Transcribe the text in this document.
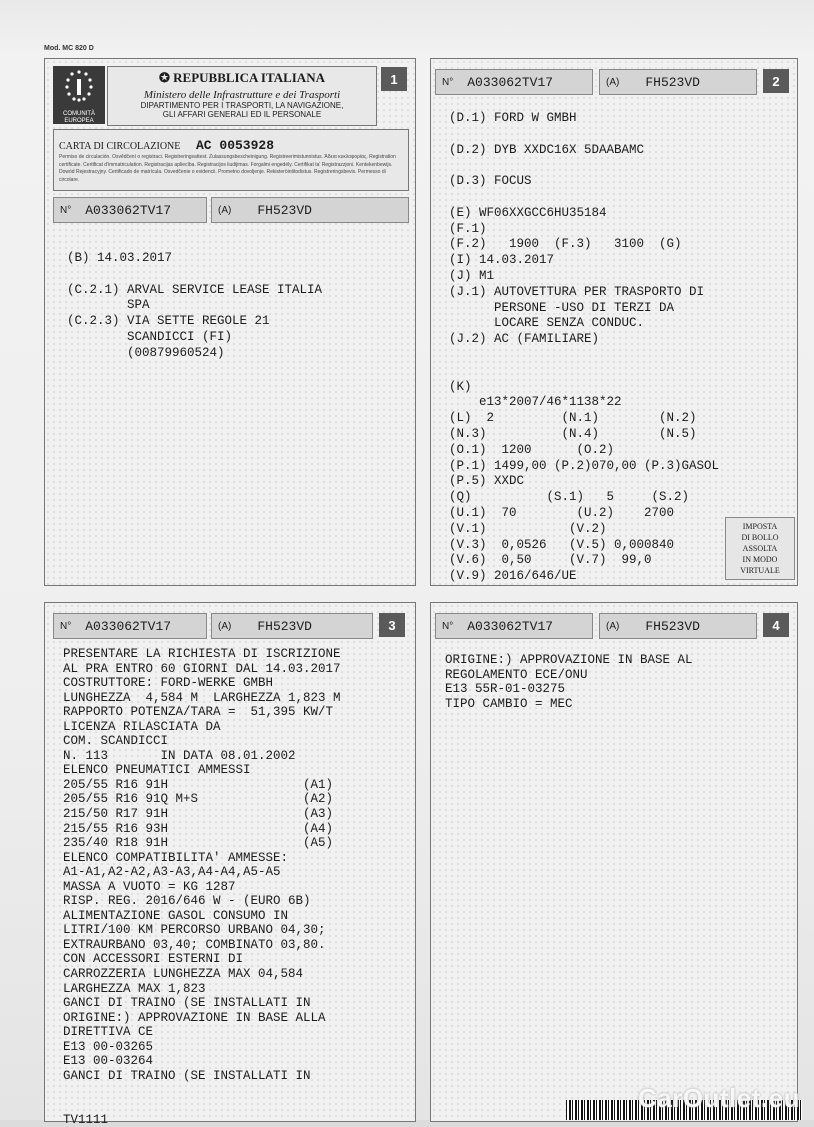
Mod. MC 820 D
1
COMUNITÀ EUROPEA
✪ REPUBBLICA ITALIANA
Ministero delle Infrastrutture e dei Trasporti
DIPARTIMENTO PER I TRASPORTI, LA NAVIGAZIONE,
GLI AFFARI GENERALI ED IL PERSONALE
CARTA DI CIRCOLAZIONE AC 0053928
Permiso de circulación. Osvědčení o registraci. Registreringsattest. Zulassungsbescheinigung. Registreerimistunnistus. Άδεια κυκλοφορίας. Registration certificate. Certificat d'immatriculation. Registracijas apliecība. Registracijos liudijimas. Forgalmi engedély. Certifikat ta' Registrazzjoni. Kentekenbewijs. Dowód Rejestracyjny. Certificado de matrícula. Osvedčenie o evidencii. Prometno dovoljenje. Rekisteröintitodistus. Registreringsbevis. Permesso di circolare.
N° A033062TV17	(A) FH523VD
(B) 14.03.2017

(C.2.1) ARVAL SERVICE LEASE ITALIA
SPA
(C.2.3) VIA SETTE REGOLE 21
SCANDICCI (FI)
(00879960524)
N° A033062TV17	(A) FH523VD	2
(D.1) FORD W GMBH

(D.2) DYB XXDC16X 5DAABAMC

(D.3) FOCUS

(E) WF06XXGCC6HU35184
(F.1)
(F.2)   1900  (F.3)   3100  (G)
(I) 14.03.2017
(J) M1
(J.1) AUTOVETTURA PER TRASPORTO DI
PERSONE -USO DI TERZI DA
LOCARE SENZA CONDUC.
(J.2) AC (FAMILIARE)

(K)
e13*2007/46*1138*22
(L)  2         (N.1)        (N.2)
(N.3)          (N.4)        (N.5)
(O.1)  1200      (O.2)
(P.1) 1499,00 (P.2)070,00 (P.3)GASOL
(P.5) XXDC
(Q)          (S.1)   5     (S.2)
(U.1)  70        (U.2)    2700
(V.1)           (V.2)
(V.3)  0,0526   (V.5) 0,000840
(V.6)  0,50     (V.7)  99,0
(V.9) 2016/646/UE
IMPOSTA
DI BOLLO
ASSOLTA
IN MODO
VIRTUALE
N° A033062TV17	(A) FH523VD	3
PRESENTARE LA RICHIESTA DI ISCRIZIONE
AL PRA ENTRO 60 GIORNI DAL 14.03.2017
COSTRUTTORE: FORD-WERKE GMBH
LUNGHEZZA  4,584 M  LARGHEZZA 1,823 M
RAPPORTO POTENZA/TARA =  51,395 KW/T
LICENZA RILASCIATA DA
COM. SCANDICCI
N. 113       IN DATA 08.01.2002
ELENCO PNEUMATICI AMMESSI
205/55 R16 91H                  (A1)
205/55 R16 91Q M+S              (A2)
215/50 R17 91H                  (A3)
215/55 R16 93H                  (A4)
235/40 R18 91H                  (A5)
ELENCO COMPATIBILITA' AMMESSE:
A1-A1,A2-A2,A3-A3,A4-A4,A5-A5
MASSA A VUOTO = KG 1287
RISP. REG. 2016/646 W - (EURO 6B)
ALIMENTAZIONE GASOL CONSUMO IN
LITRI/100 KM PERCORSO URBANO 04,30;
EXTRAURBANO 03,40; COMBINATO 03,80.
CON ACCESSORI ESTERNI DI
CARROZZERIA LUNGHEZZA MAX 04,584
LARGHEZZA MAX 1,823
GANCI DI TRAINO (SE INSTALLATI IN
ORIGINE:) APPROVAZIONE IN BASE ALLA
DIRETTIVA CE
E13 00-03265
E13 00-03264
GANCI DI TRAINO (SE INSTALLATI IN

TV1111
N° A033062TV17	(A) FH523VD	4
ORIGINE:) APPROVAZIONE IN BASE AL
REGOLAMENTO ECE/ONU
E13 55R-01-03275
TIPO CAMBIO = MEC
CarOutlet.eu
